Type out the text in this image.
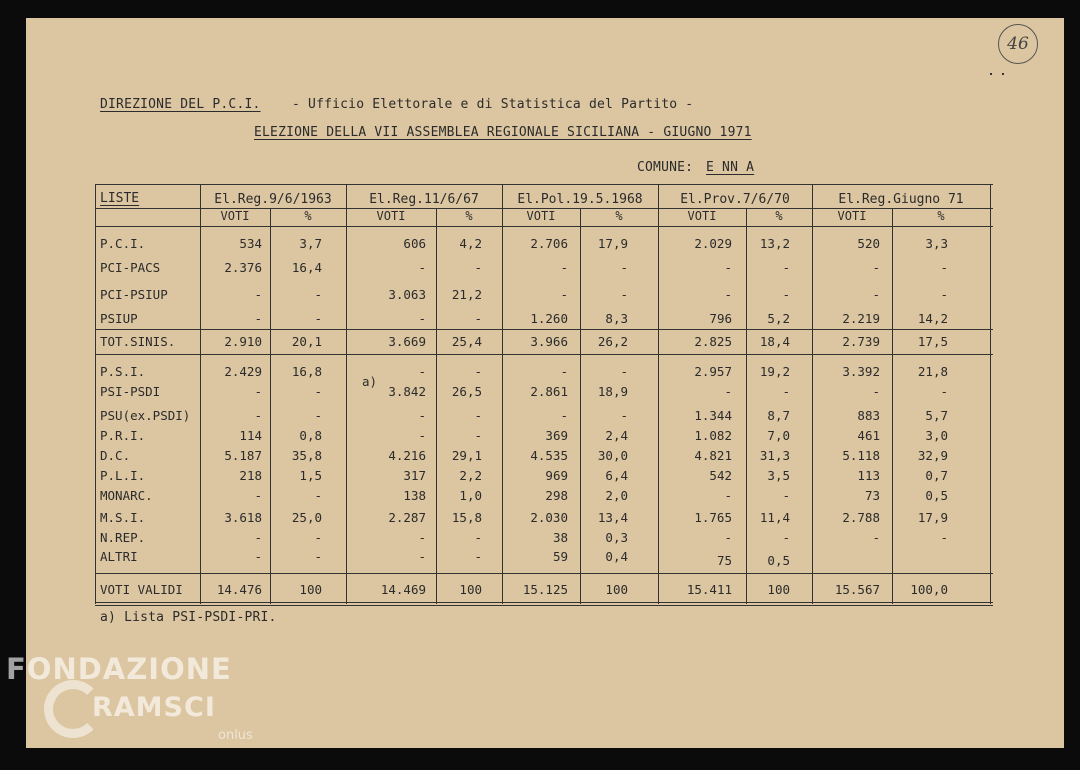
46
DIREZIONE DEL P.C.I. - Ufficio Elettorale e di Statistica del Partito -
ELEZIONE DELLA VII ASSEMBLEA REGIONALE SICILIANA - GIUGNO 1971
COMUNE: E NN A
LISTE	El.Reg.9/6/1963
VOTI	%
El.Reg.11/6/67
VOTI	%
El.Pol.19.5.1968
VOTI	%
El.Prov.7/6/70
VOTI	%
El.Reg.Giugno 71
VOTI	%
P.C.I.	534	3,7	606	4,2	2.706	17,9	2.029	13,2	520	3,3
PCI-PACS	2.376	16,4	-	-	-	-	-	-	-	-
PCI-PSIUP	-	-	3.063	21,2	-	-	-	-	-	-
PSIUP	-	-	-	-	1.260	8,3	796	5,2	2.219	14,2
TOT.SINIS.	2.910	20,1	3.669	25,4	3.966	26,2	2.825	18,4	2.739	17,5
P.S.I.	2.429	16,8	-	-	-	-	2.957	19,2	3.392	21,8
PSI-PSDI	-	-	3.842	26,5	2.861	18,9	-	-	-	-
PSU(ex.PSDI)	-	-	-	-	-	-	1.344	8,7	883	5,7
P.R.I.	114	0,8	-	-	369	2,4	1.082	7,0	461	3,0
D.C.	5.187	35,8	4.216	29,1	4.535	30,0	4.821	31,3	5.118	32,9
P.L.I.	218	1,5	317	2,2	969	6,4	542	3,5	113	0,7
MONARC.	-	-	138	1,0	298	2,0	-	-	73	0,5
M.S.I.	3.618	25,0	2.287	15,8	2.030	13,4	1.765	11,4	2.788	17,9
N.REP.	-	-	-	-	38	0,3	-	-	-	-
ALTRI	-	-	-	-	59	0,4	75	0,5
VOTI VALIDI	14.476	100	14.469	100	15.125	100	15.411	100	15.567	100,0
a)
a) Lista PSI-PSDI-PRI.
FONDAZIONE
RAMSCI
onlus
